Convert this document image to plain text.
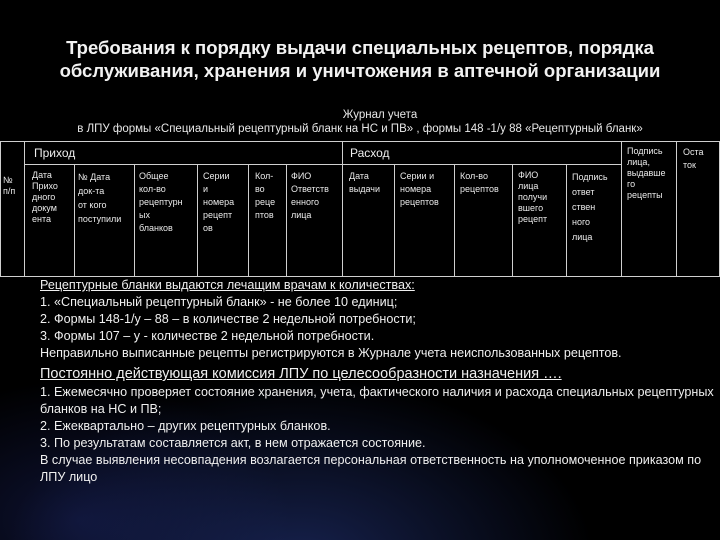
Требования к порядку выдачи специальных рецептов, порядка
обслуживания, хранения и уничтожения в аптечной организации
Журнал учета
в ЛПУ формы «Специальный рецептурный бланк на НС и ПВ» , формы 148 -1/у 88 «Рецептурный бланк»
Приход	Расход
№
п/п
Дата
Прихо
дного
докум
ента
№ Дата
док-та
от кого
поступили
Общее
кол-во
рецептурн
ых
бланков
Серии
и
номера
рецепт
ов
Кол-
во
реце
птов
ФИО
Ответств
енного
лица
Дата
выдачи
Серии и
номера
рецептов
Кол-во
рецептов
ФИО
лица
получи
вшего
рецепт
Подпись
ответ
ствен
ного
лица
Подпись
лица,
выдавше
го
рецепты
Оста
ток

Рецептурные бланки выдаются лечащим врачам к количествах:

1. «Специальный рецептурный бланк» - не более 10 единиц;

2. Формы 148-1/у – 88 – в количестве 2 недельной потребности;

3. Формы 107 – у - количестве 2 недельной потребности.

Неправильно выписанные рецепты регистрируются в Журнале учета неиспользованных рецептов.

Постоянно действующая комиссия ЛПУ по целесообразности назначения ….

1. Ежемесячно проверяет состояние хранения, учета, фактического наличия и расхода специальных рецептурных бланков на НС и ПВ;

2. Ежеквартально – других рецептурных бланков.

3. По результатам составляется акт, в нем отражается состояние.

В случае выявления несовпадения возлагается персональная ответственность на уполномоченное приказом по ЛПУ лицо
